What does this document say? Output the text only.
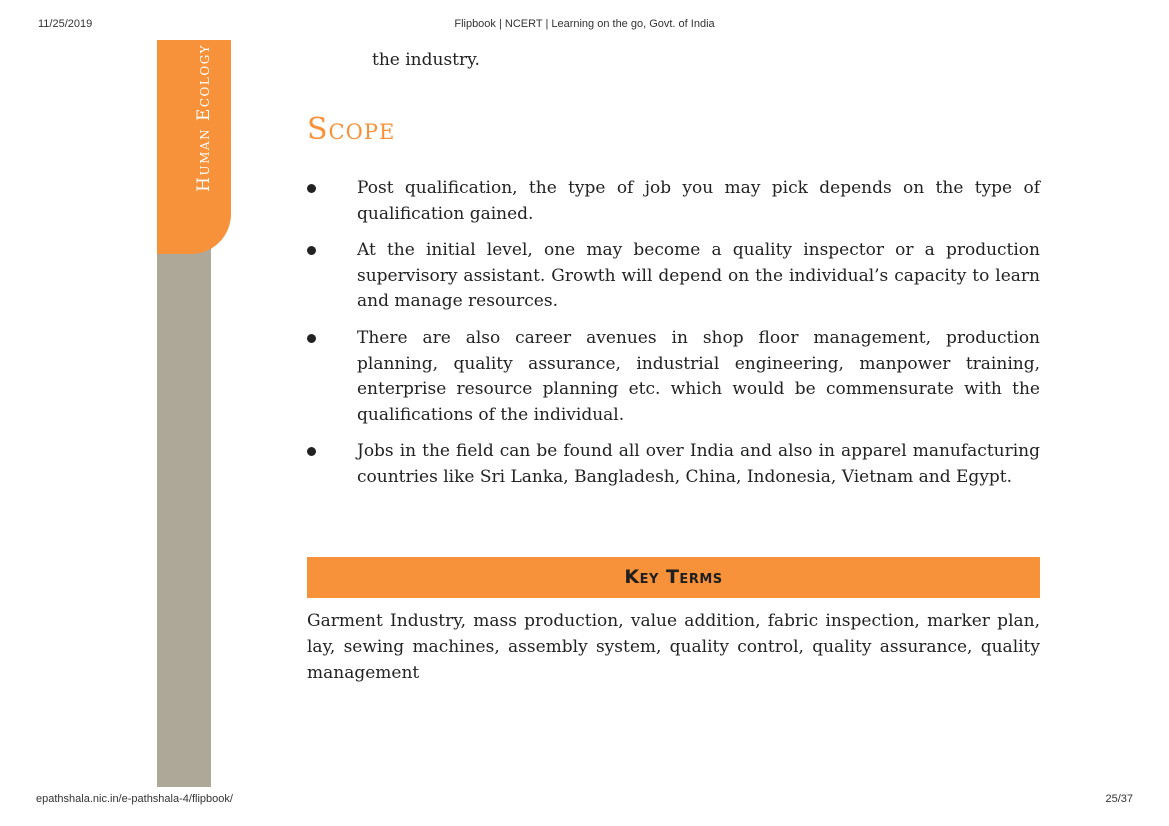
11/25/2019	Flipbook | NCERT | Learning on the go, Govt. of India
Human Ecology	the industry.
Scope
Post qualification, the type of job you may pick depends on the type of qualification gained.
At the initial level, one may become a quality inspector or a production supervisory assistant. Growth will depend on the individual’s capacity to learn and manage resources.
There are also career avenues in shop floor management, production planning, quality assurance, industrial engineering, manpower training, enterprise resource planning etc. which would be commensurate with the qualifications of the individual.
Jobs in the field can be found all over India and also in apparel manufacturing countries like Sri Lanka, Bangladesh, China, Indonesia, Vietnam and Egypt.
Key Terms
Garment Industry, mass production, value addition, fabric inspection, marker plan, lay, sewing machines, assembly system, quality control, quality assurance, quality management
epathshala.nic.in/e-pathshala-4/flipbook/	25/37
